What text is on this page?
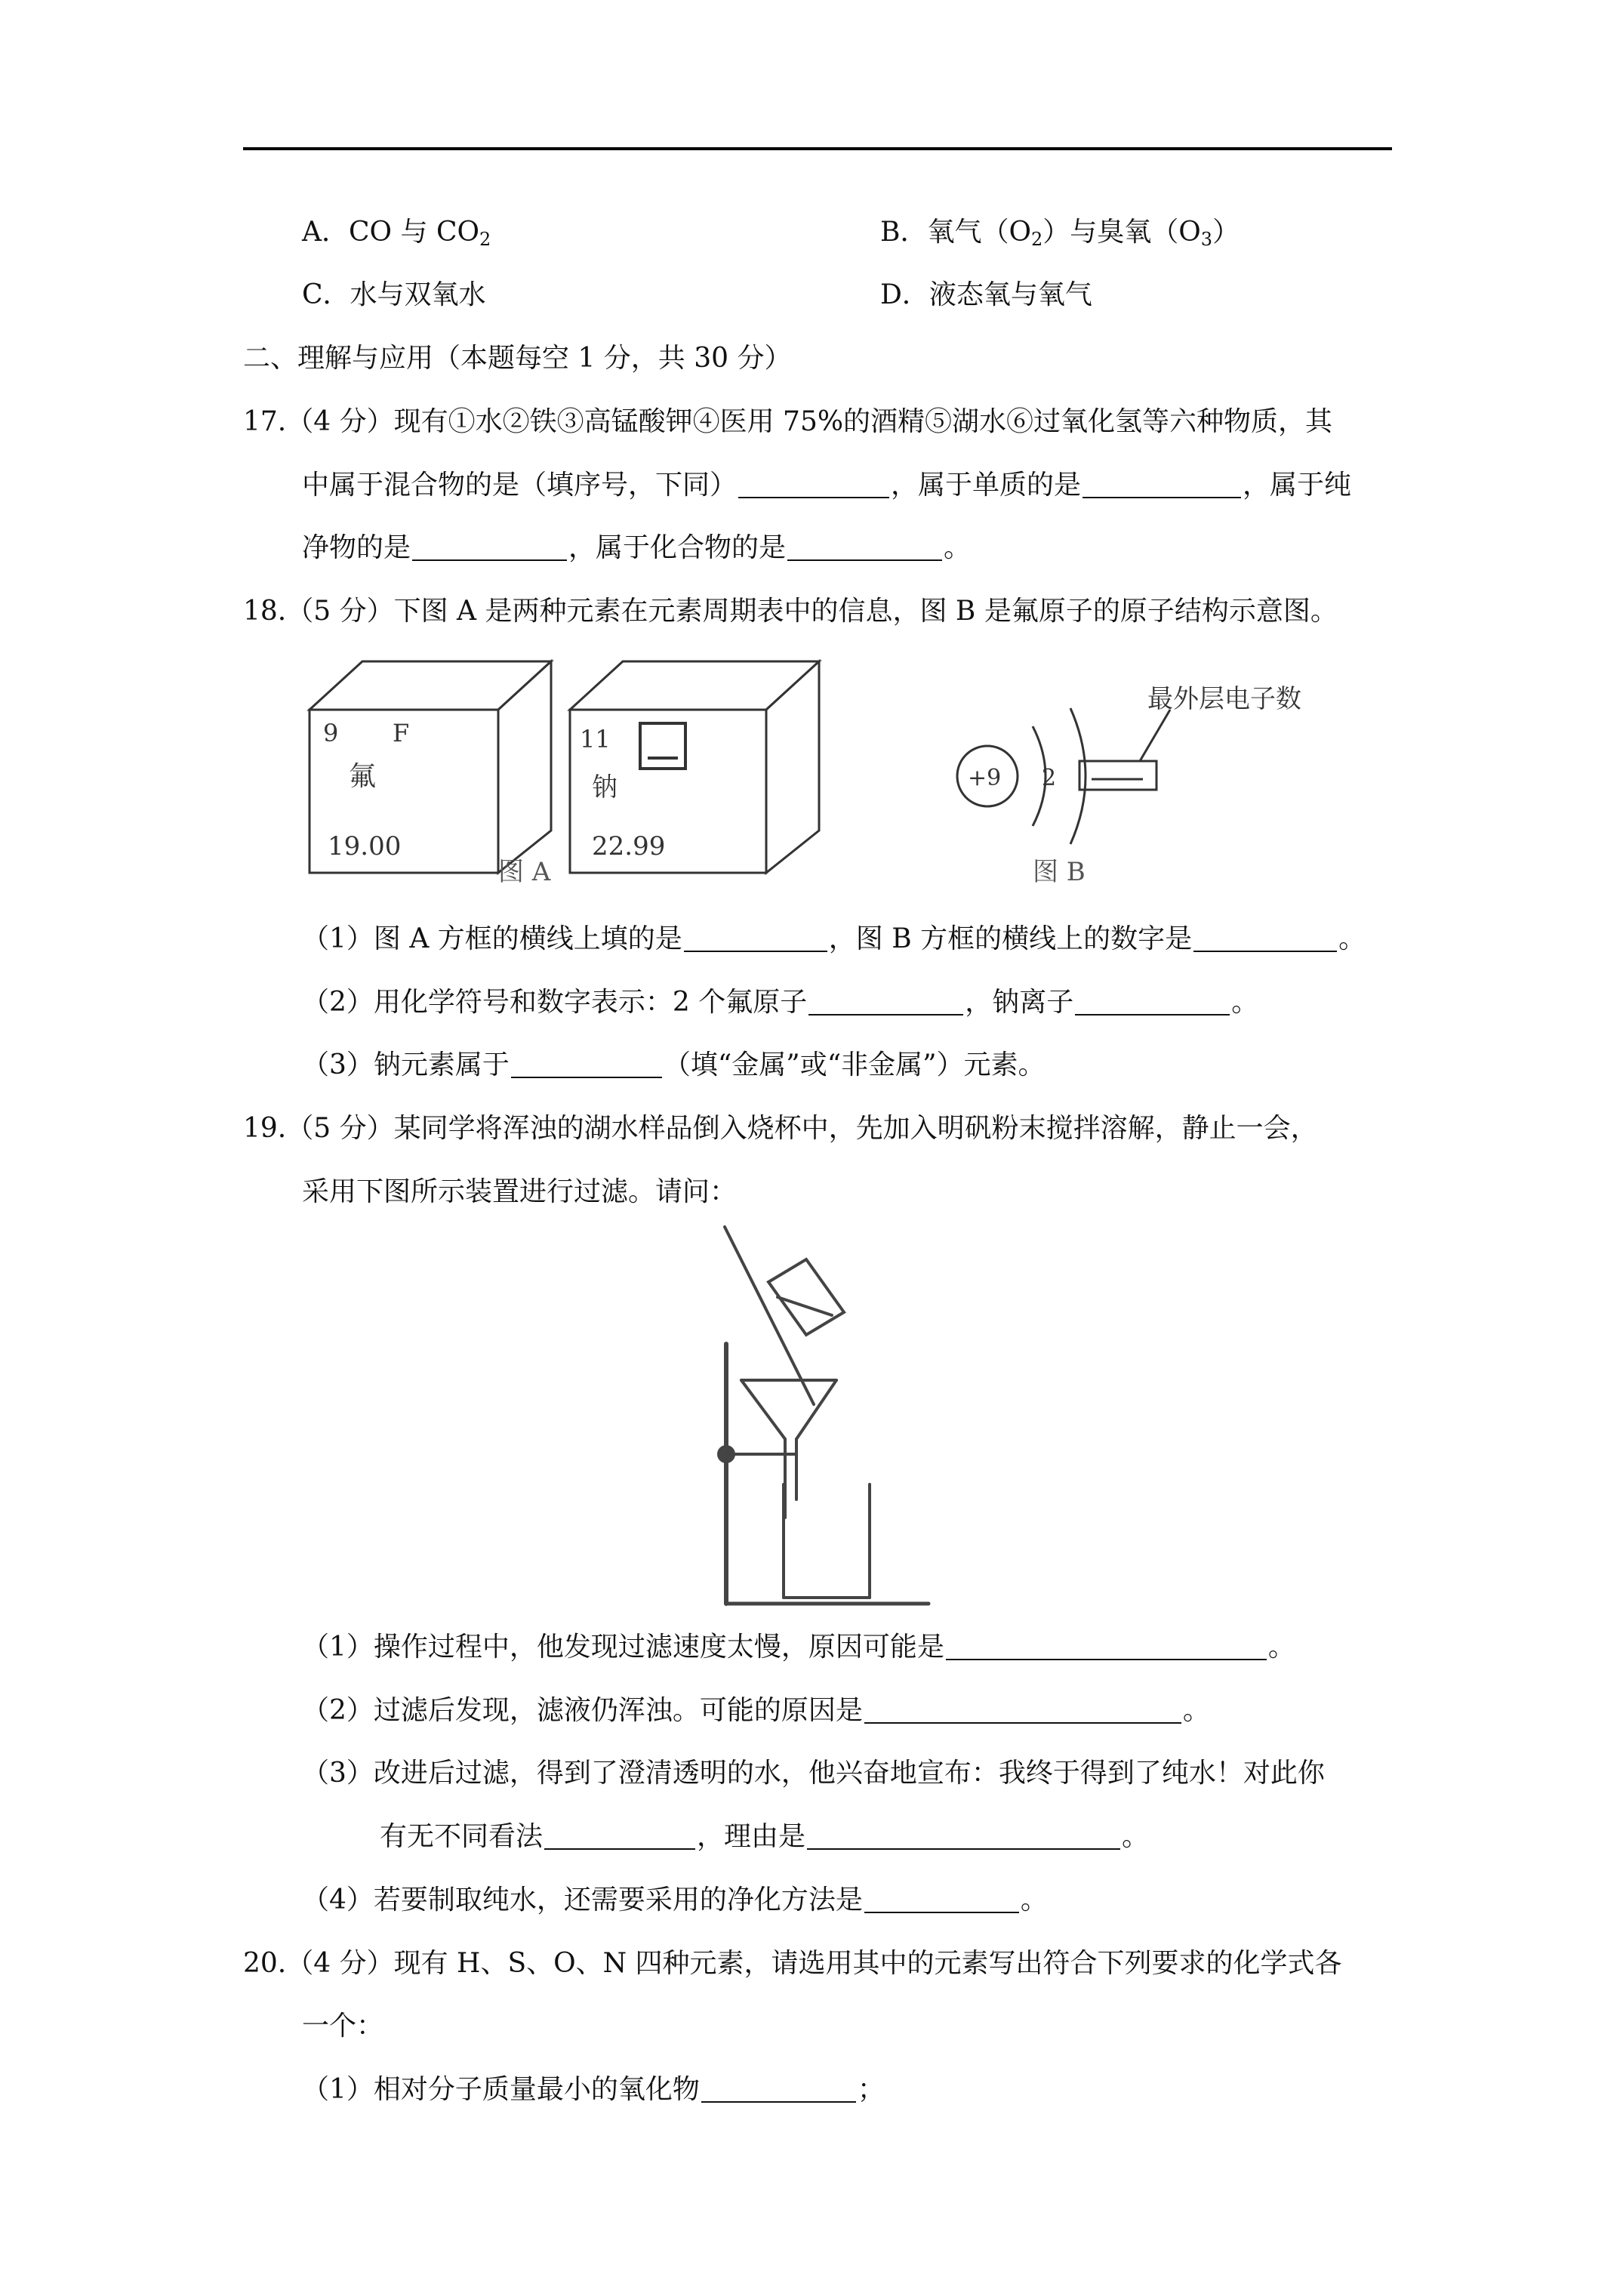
A．CO 与 $CO_2$	B．氧气$(O_2)$与臭氧$(O_3)$
C．水与双氧水	D．液态氧与氧气
二、理解与应用（本题每空 1 分，共 30 分）
17.（4 分）现有①水②铁③高锰酸钾④医用 75%的酒精⑤湖水⑥过氧化氢等六种物质，其
中属于混合物的是（填序号，下同）	，属于单质的是	，属于纯
净物的是	，属于化合物的是	。
18.（5 分）下图 A 是两种元素在元素周期表中的信息，图 B 是氟原子的原子结构示意图。
9 F
氟
19.00
11
钠
22.99
图 A
+9 2
图 B
最外层电子数
（1）图 A 方框的横线上填的是	，图 B 方框的横线上的数字是	。
（2）用化学符号和数字表示：2 个氟原子	，钠离子	。
（3）钠元素属于	（填“金属”或“非金属”）元素。
19.（5 分）某同学将浑浊的湖水样品倒入烧杯中，先加入明矾粉末搅拌溶解，静止一会，
采用下图所示装置进行过滤。请问：
（1）操作过程中，他发现过滤速度太慢，原因可能是	。
（2）过滤后发现，滤液仍浑浊。可能的原因是	。
（3）改进后过滤，得到了澄清透明的水，他兴奋地宣布：我终于得到了纯水！对此你
有无不同看法	，理由是	。
（4）若要制取纯水，还需要采用的净化方法是	。
20.（4 分）现有 H、S、O、N 四种元素，请选用其中的元素写出符合下列要求的化学式各
一个：
（1）相对分子质量最小的氧化物	；
